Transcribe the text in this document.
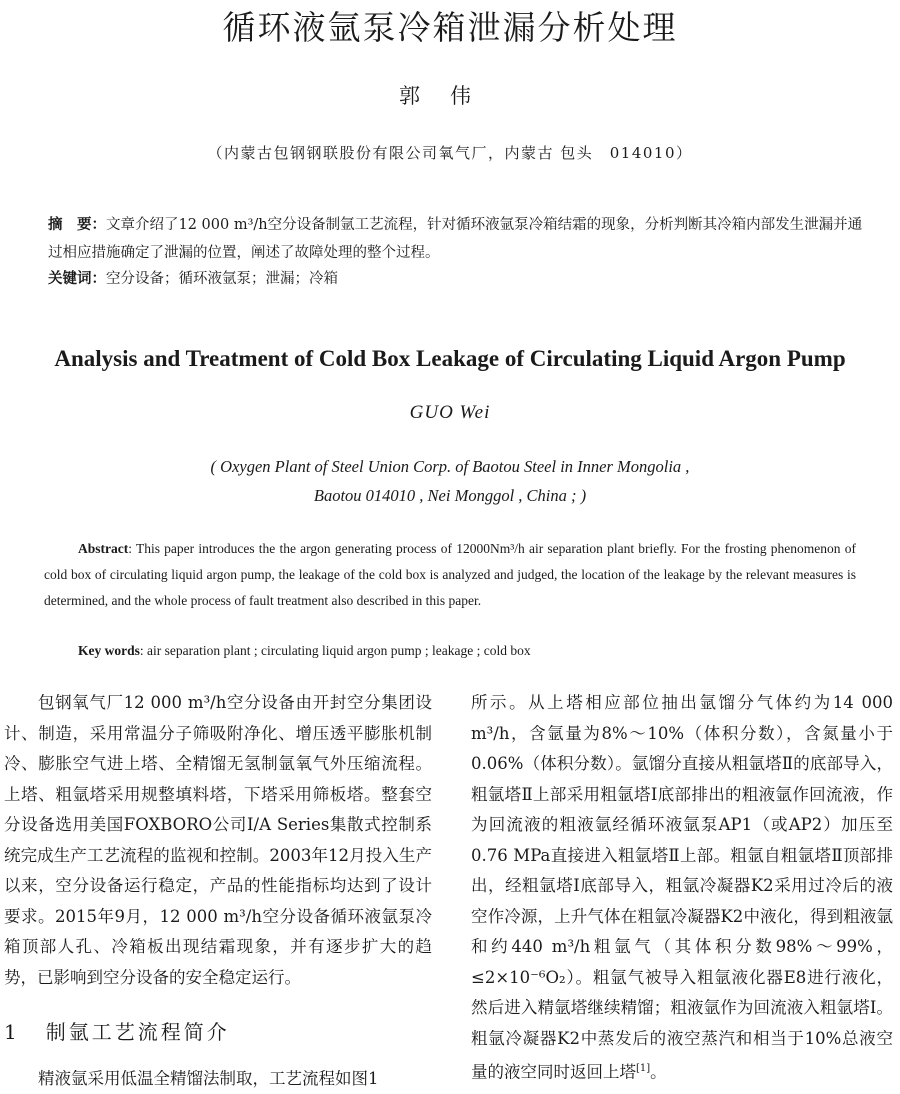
循环液氩泵冷箱泄漏分析处理
郭伟
（内蒙古包钢钢联股份有限公司氧气厂，内蒙古 包头　014010）
摘　要：文章介绍了12 000 m³/h空分设备制氩工艺流程，针对循环液氩泵冷箱结霜的现象，分析判断其冷箱内部发生泄漏并通过相应措施确定了泄漏的位置，阐述了故障处理的整个过程。
关键词：空分设备；循环液氩泵；泄漏；冷箱
Analysis and Treatment of Cold Box Leakage of Circulating Liquid Argon Pump
GUO Wei
( Oxygen Plant of Steel Union Corp. of Baotou Steel in Inner Mongolia ,
Baotou 014010 , Nei Monggol , China ; )
Abstract: This paper introduces the the argon generating process of 12000Nm³/h air separation plant briefly. For the frosting phenomenon of cold box of circulating liquid argon pump, the leakage of the cold box is analyzed and judged, the location of the leakage by the relevant measures is determined, and the whole process of fault treatment also described in this paper.
Key words: air separation plant ; circulating liquid argon pump ; leakage ; cold box

包钢氧气厂12 000 m³/h空分设备由开封空分集团设计、制造，采用常温分子筛吸附净化、增压透平膨胀机制冷、膨胀空气进上塔、全精馏无氢制氩氧气外压缩流程。上塔、粗氩塔采用规整填料塔，下塔采用筛板塔。整套空分设备选用美国FOXBORO公司I/A Series集散式控制系统完成生产工艺流程的监视和控制。2003年12月投入生产以来，空分设备运行稳定，产品的性能指标均达到了设计要求。2015年9月，12 000 m³/h空分设备循环液氩泵冷箱顶部人孔、冷箱板出现结霜现象，并有逐步扩大的趋势，已影响到空分设备的安全稳定运行。

1 制氩工艺流程简介
精液氩采用低温全精馏法制取，工艺流程如图1

所示。从上塔相应部位抽出氩馏分气体约为14 000 m³/h，含氩量为8%～10%（体积分数），含氮量小于0.06%（体积分数）。氩馏分直接从粗氩塔Ⅱ的底部导入，粗氩塔Ⅱ上部采用粗氩塔Ⅰ底部排出的粗液氩作回流液，作为回流液的粗液氩经循环液氩泵AP1（或AP2）加压至0.76 MPa直接进入粗氩塔Ⅱ上部。粗氩自粗氩塔Ⅱ顶部排出，经粗氩塔Ⅰ底部导入，粗氩冷凝器K2采用过冷后的液空作冷源，上升气体在粗氩冷凝器K2中液化，得到粗液氩和约440 m³/h粗氩气（其体积分数98%～99%，≤2×10⁻⁶O₂）。粗氩气被导入粗氩液化器E8进行液化，然后进入精氩塔继续精馏；粗液氩作为回流液入粗氩塔Ⅰ。粗氩冷凝器K2中蒸发后的液空蒸汽和相当于10%总液空量的液空同时返回上塔[1]。
